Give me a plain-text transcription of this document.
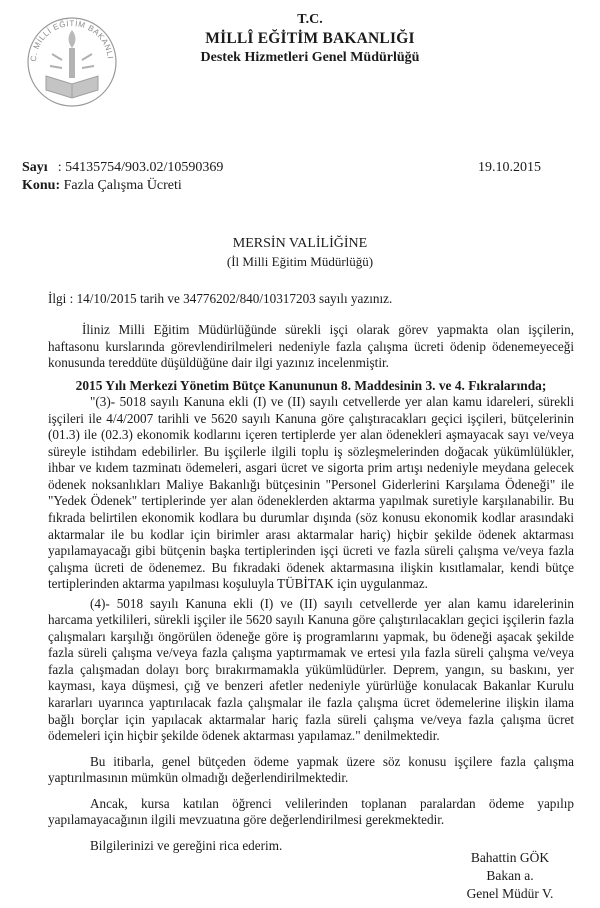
C. MİLLİ EĞİTİM BAKANLI
T.C.
MİLLÎ EĞİTİM BAKANLIĞI
Destek Hizmetleri Genel Müdürlüğü
Sayı : 54135754/903.02/10590369	19.10.2015
Konu: Fazla Çalışma Ücreti
MERSİN VALİLİĞİNE
(İl Milli Eğitim Müdürlüğü)
İlgi : 14/10/2015 tarih ve 34776202/840/10317203 sayılı yazınız.

İliniz Milli Eğitim Müdürlüğünde sürekli işçi olarak görev yapmakta olan işçilerin, haftasonu kurslarında görevlendirilmeleri nedeniyle fazla çalışma ücreti ödenip ödenemeyeceği konusunda tereddüte düşüldüğüne dair ilgi yazınız incelenmiştir.

2015 Yılı Merkezi Yönetim Bütçe Kanununun 8. Maddesinin 3. ve 4. Fıkralarında;

"(3)- 5018 sayılı Kanuna ekli (I) ve (II) sayılı cetvellerde yer alan kamu idareleri, sürekli işçileri ile 4/4/2007 tarihli ve 5620 sayılı Kanuna göre çalıştıracakları geçici işçileri, bütçelerinin (01.3) ile (02.3) ekonomik kodlarını içeren tertiplerde yer alan ödenekleri aşmayacak sayı ve/veya süreyle istihdam edebilirler. Bu işçilerle ilgili toplu iş sözleşmelerinden doğacak yükümlülükler, ihbar ve kıdem tazminatı ödemeleri, asgari ücret ve sigorta prim artışı nedeniyle meydana gelecek ödenek noksanlıkları Maliye Bakanlığı bütçesinin "Personel Giderlerini Karşılama Ödeneği" ile "Yedek Ödenek" tertiplerinde yer alan ödeneklerden aktarma yapılmak suretiyle karşılanabilir. Bu fıkrada belirtilen ekonomik kodlara bu durumlar dışında (söz konusu ekonomik kodlar arasındaki aktarmalar ile bu kodlar için birimler arası aktarmalar hariç) hiçbir şekilde ödenek aktarması yapılamayacağı gibi bütçenin başka tertiplerinden işçi ücreti ve fazla süreli çalışma ve/veya fazla çalışma ücreti de ödenemez. Bu fıkradaki ödenek aktarmasına ilişkin kısıtlamalar, kendi bütçe tertiplerinden aktarma yapılması koşuluyla TÜBİTAK için uygulanmaz.

(4)- 5018 sayılı Kanuna ekli (I) ve (II) sayılı cetvellerde yer alan kamu idarelerinin harcama yetkilileri, sürekli işçiler ile 5620 sayılı Kanuna göre çalıştırılacakları geçici işçilerin fazla çalışmaları karşılığı öngörülen ödeneğe göre iş programlarını yapmak, bu ödeneği aşacak şekilde fazla süreli çalışma ve/veya fazla çalışma yaptırmamak ve ertesi yıla fazla süreli çalışma ve/veya fazla çalışmadan dolayı borç bırakırmamakla yükümlüdürler. Deprem, yangın, su baskını, yer kayması, kaya düşmesi, çığ ve benzeri afetler nedeniyle yürürlüğe konulacak Bakanlar Kurulu kararları uyarınca yaptırılacak fazla çalışmalar ile fazla çalışma ücret ödemelerine ilişkin ilama bağlı borçlar için yapılacak aktarmalar hariç fazla süreli çalışma ve/veya fazla çalışma ücret ödemeleri için hiçbir şekilde ödenek aktarması yapılamaz." denilmektedir.

Bu itibarla, genel bütçeden ödeme yapmak üzere söz konusu işçilere fazla çalışma yaptırılmasının mümkün olmadığı değerlendirilmektedir.

Ancak, kursa katılan öğrenci velilerinden toplanan paralardan ödeme yapılıp yapılamayacağının ilgili mevzuatına göre değerlendirilmesi gerekmektedir.

Bilgilerinizi ve gereğini rica ederim.

Bahattin GÖK
Bakan a.
Genel Müdür V.
